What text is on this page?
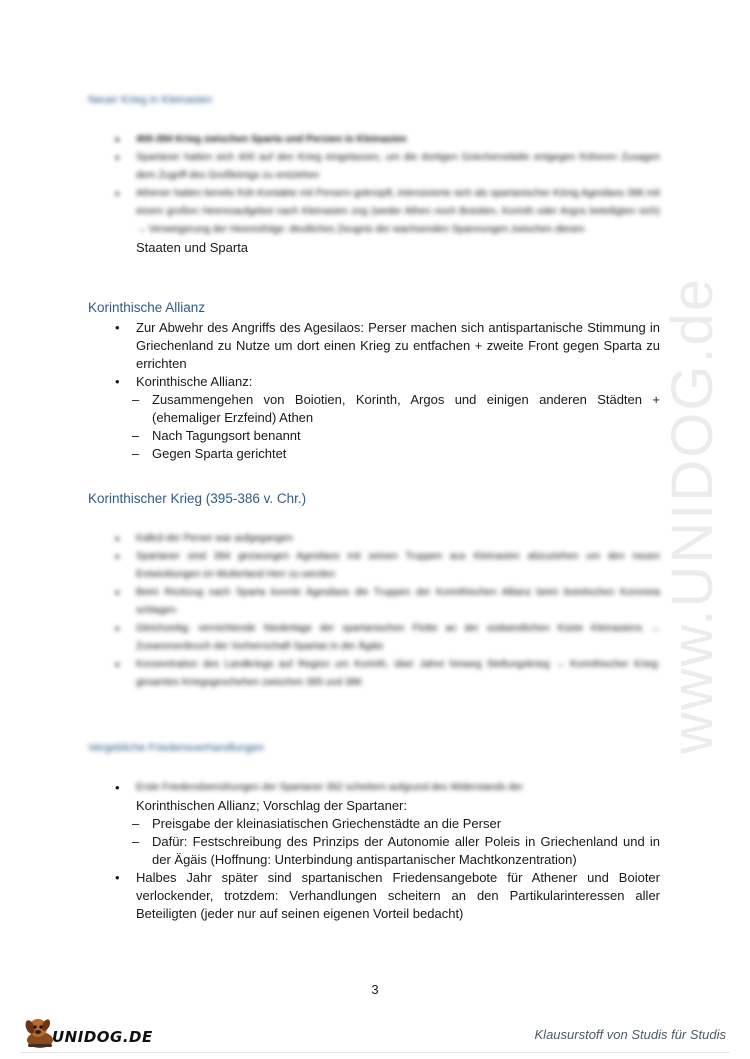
www.UNIDOG.de

Neuer Krieg in Kleinasien

• 400-394 Krieg zwischen Sparta und Persien in Kleinasien
• Spartaner hatten sich 400 auf den Krieg eingelassen, um die dortigen Griechenstädte entgegen früheren Zusagen dem Zugriff des Großkönigs zu entziehen
• Athener hatten bereits früh Kontakte mit Persern geknüpft, intensivierte sich als spartanischer König Agesilaos 396 mit einem großen Heeresaufgebot nach Kleinasien zog (weder Athen noch Boiotien, Korinth oder Argos beteiligten sich) → Verweigerung der Heeresfolge: deutliches Zeugnis der wachsenden Spannungen zwischen diesen
Staaten und Sparta

Korinthische Allianz

• Zur Abwehr des Angriffs des Agesilaos: Perser machen sich antispartanische Stimmung in Griechenland zu Nutze um dort einen Krieg zu entfachen + zweite Front gegen Sparta zu errichten
• Korinthische Allianz:
– Zusammengehen von Boiotien, Korinth, Argos und einigen anderen Städten + (ehemaliger Erzfeind) Athen
– Nach Tagungsort benannt
– Gegen Sparta gerichtet

Korinthischer Krieg (395-386 v. Chr.)

• Kalkül der Perser war aufgegangen
• Spartaner sind 394 gezwungen Agesilaos mit seinen Truppen aus Kleinasien abzuziehen um den neuen Entwicklungen im Mutterland Herr zu werden
• Beim Rückzug nach Sparta konnte Agesilaos die Truppen der Korinthischen Allianz beim boiotischen Koroneia schlagen
• Gleichzeitig: vernichtende Niederlage der spartanischen Flotte an der südwestlichen Küste Kleinasiens → Zusammenbruch der Vorherrschaft Spartas in der Ägäis
• Konzentration des Landkriegs auf Region um Korinth, über Jahre hinweg Stellungskrieg → Korinthischer Krieg: gesamtes Kriegsgeschehen zwischen 395 und 386

Vergebliche Friedensverhandlungen

• Erste Friedensbemühungen der Spartaner 392 scheitern aufgrund des Widerstands der
Korinthischen Allianz; Vorschlag der Spartaner:
– Preisgabe der kleinasiatischen Griechenstädte an die Perser
– Dafür: Festschreibung des Prinzips der Autonomie aller Poleis in Griechenland und in der Ägäis (Hoffnung: Unterbindung antispartanischer Machtkonzentration)
• Halbes Jahr später sind spartanischen Friedensangebote für Athener und Boioter verlockender, trotzdem: Verhandlungen scheitern an den Partikularinteressen aller Beteiligten (jeder nur auf seinen eigenen Vorteil bedacht)
3
UNIDOG.DE	Klausurstoff von Studis für Studis
